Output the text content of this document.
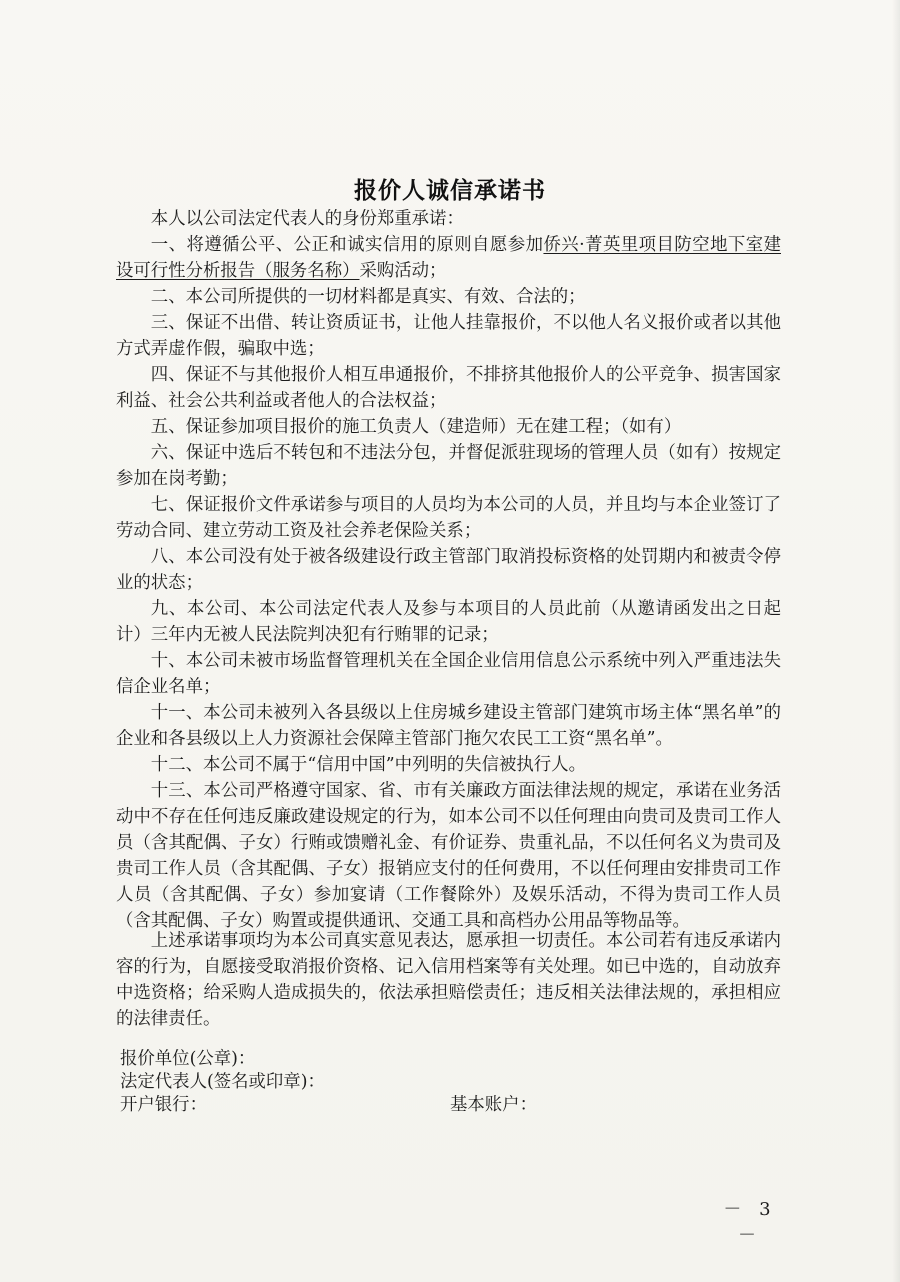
报价人诚信承诺书

本人以公司法定代表人的身份郑重承诺：

一、将遵循公平、公正和诚实信用的原则自愿参加侨兴·菁英里项目防空地下室建设可行性分析报告（服务名称）采购活动；

二、本公司所提供的一切材料都是真实、有效、合法的；

三、保证不出借、转让资质证书，让他人挂靠报价，不以他人名义报价或者以其他方式弄虚作假，骗取中选；

四、保证不与其他报价人相互串通报价，不排挤其他报价人的公平竞争、损害国家利益、社会公共利益或者他人的合法权益；

五、保证参加项目报价的施工负责人（建造师）无在建工程；（如有）

六、保证中选后不转包和不违法分包，并督促派驻现场的管理人员（如有）按规定参加在岗考勤；

七、保证报价文件承诺参与项目的人员均为本公司的人员，并且均与本企业签订了劳动合同、建立劳动工资及社会养老保险关系；

八、本公司没有处于被各级建设行政主管部门取消投标资格的处罚期内和被责令停业的状态；

九、本公司、本公司法定代表人及参与本项目的人员此前（从邀请函发出之日起计）三年内无被人民法院判决犯有行贿罪的记录；

十、本公司未被市场监督管理机关在全国企业信用信息公示系统中列入严重违法失信企业名单；

十一、本公司未被列入各县级以上住房城乡建设主管部门建筑市场主体“黑名单”的企业和各县级以上人力资源社会保障主管部门拖欠农民工工资“黑名单”。

十二、本公司不属于“信用中国”中列明的失信被执行人。

十三、本公司严格遵守国家、省、市有关廉政方面法律法规的规定，承诺在业务活动中不存在任何违反廉政建设规定的行为，如本公司不以任何理由向贵司及贵司工作人员（含其配偶、子女）行贿或馈赠礼金、有价证券、贵重礼品，不以任何名义为贵司及贵司工作人员（含其配偶、子女）报销应支付的任何费用，不以任何理由安排贵司工作人员（含其配偶、子女）参加宴请（工作餐除外）及娱乐活动，不得为贵司工作人员（含其配偶、子女）购置或提供通讯、交通工具和高档办公用品等物品等。

上述承诺事项均为本公司真实意见表达，愿承担一切责任。本公司若有违反承诺内容的行为，自愿接受取消报价资格、记入信用档案等有关处理。如已中选的，自动放弃中选资格；给采购人造成损失的，依法承担赔偿责任；违反相关法律法规的，承担相应的法律责任。

报价单位(公章)：
法定代表人(签名或印章)：
开户银行：	基本账户：
－ 3 －
